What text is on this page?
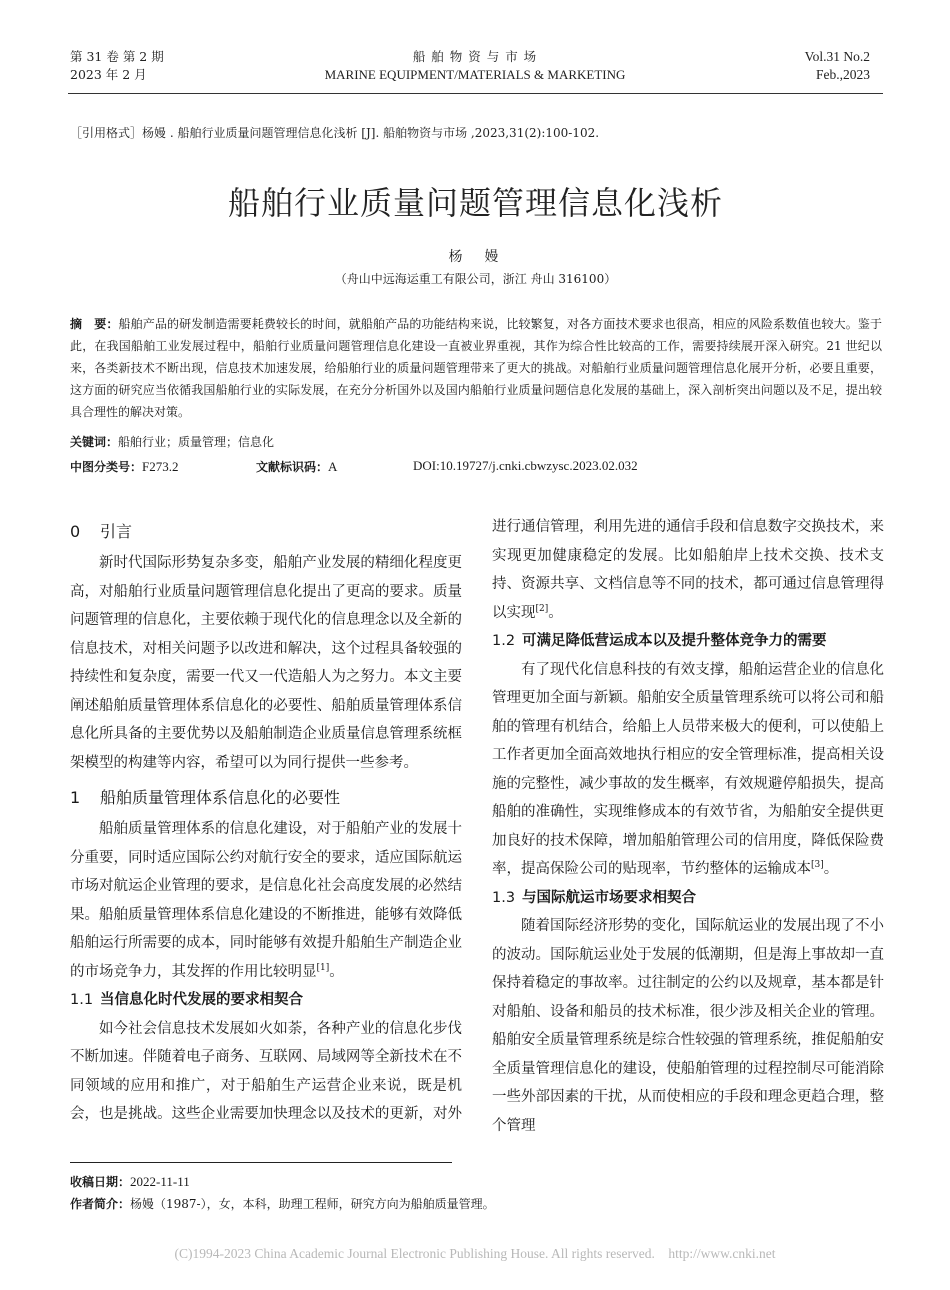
第 31 卷 第 2 期
2023 年 2 月
船 舶 物 资 与 市 场
MARINE EQUIPMENT/MATERIALS & MARKETING
Vol.31 No.2
Feb.,2023
［引用格式］杨嫚 . 船舶行业质量问题管理信息化浅析 [J]. 船舶物资与市场 ,2023,31(2):100-102.
船舶行业质量问题管理信息化浅析
杨　嫚
（舟山中远海运重工有限公司，浙江 舟山 316100）
摘　要：船舶产品的研发制造需要耗费较长的时间，就船舶产品的功能结构来说，比较繁复，对各方面技术要求也很高，相应的风险系数值也较大。鉴于此，在我国船舶工业发展过程中，船舶行业质量问题管理信息化建设一直被业界重视，其作为综合性比较高的工作，需要持续展开深入研究。21 世纪以来，各类新技术不断出现，信息技术加速发展，给船舶行业的质量问题管理带来了更大的挑战。对船舶行业质量问题管理信息化展开分析，必要且重要，这方面的研究应当依循我国船舶行业的实际发展，在充分分析国外以及国内船舶行业质量问题信息化发展的基础上，深入剖析突出问题以及不足，提出较具合理性的解决对策。
关键词：船舶行业；质量管理；信息化
中图分类号：F273.2	文献标识码：A	DOI:10.19727/j.cnki.cbwzysc.2023.02.032
0 引言

新时代国际形势复杂多变，船舶产业发展的精细化程度更高，对船舶行业质量问题管理信息化提出了更高的要求。质量问题管理的信息化，主要依赖于现代化的信息理念以及全新的信息技术，对相关问题予以改进和解决，这个过程具备较强的持续性和复杂度，需要一代又一代造船人为之努力。本文主要阐述船舶质量管理体系信息化的必要性、船舶质量管理体系信息化所具备的主要优势以及船舶制造企业质量信息管理系统框架模型的构建等内容，希望可以为同行提供一些参考。

1 船舶质量管理体系信息化的必要性

船舶质量管理体系的信息化建设，对于船舶产业的发展十分重要，同时适应国际公约对航行安全的要求，适应国际航运市场对航运企业管理的要求，是信息化社会高度发展的必然结果。船舶质量管理体系信息化建设的不断推进，能够有效降低船舶运行所需要的成本，同时能够有效提升船舶生产制造企业的市场竞争力，其发挥的作用比较明显[1]。

1.1 当信息化时代发展的要求相契合

如今社会信息技术发展如火如荼，各种产业的信息化步伐不断加速。伴随着电子商务、互联网、局域网等全新技术在不同领域的应用和推广，对于船舶生产运营企业来说，既是机会，也是挑战。这些企业需要加快理念以及技术的更新，对外

进行通信管理，利用先进的通信手段和信息数字交换技术，来实现更加健康稳定的发展。比如船舶岸上技术交换、技术支持、资源共享、文档信息等不同的技术，都可通过信息管理得以实现[2]。

1.2 可满足降低营运成本以及提升整体竞争力的需要

有了现代化信息科技的有效支撑，船舶运营企业的信息化管理更加全面与新颖。船舶安全质量管理系统可以将公司和船舶的管理有机结合，给船上人员带来极大的便利，可以使船上工作者更加全面高效地执行相应的安全管理标准，提高相关设施的完整性，减少事故的发生概率，有效规避停船损失，提高船舶的准确性，实现维修成本的有效节省，为船舶安全提供更加良好的技术保障，增加船舶管理公司的信用度，降低保险费率，提高保险公司的贴现率，节约整体的运输成本[3]。

1.3 与国际航运市场要求相契合

随着国际经济形势的变化，国际航运业的发展出现了不小的波动。国际航运业处于发展的低潮期，但是海上事故却一直保持着稳定的事故率。过往制定的公约以及规章，基本都是针对船舶、设备和船员的技术标准，很少涉及相关企业的管理。船舶安全质量管理系统是综合性较强的管理系统，推促船舶安全质量管理信息化的建设，使船舶管理的过程控制尽可能消除一些外部因素的干扰，从而使相应的手段和理念更趋合理，整个管理

收稿日期：2022-11-11
作者简介：杨嫚（1987-），女，本科，助理工程师，研究方向为船舶质量管理。
(C)1994-2023 China Academic Journal Electronic Publishing House. All rights reserved.　http://www.cnki.net
